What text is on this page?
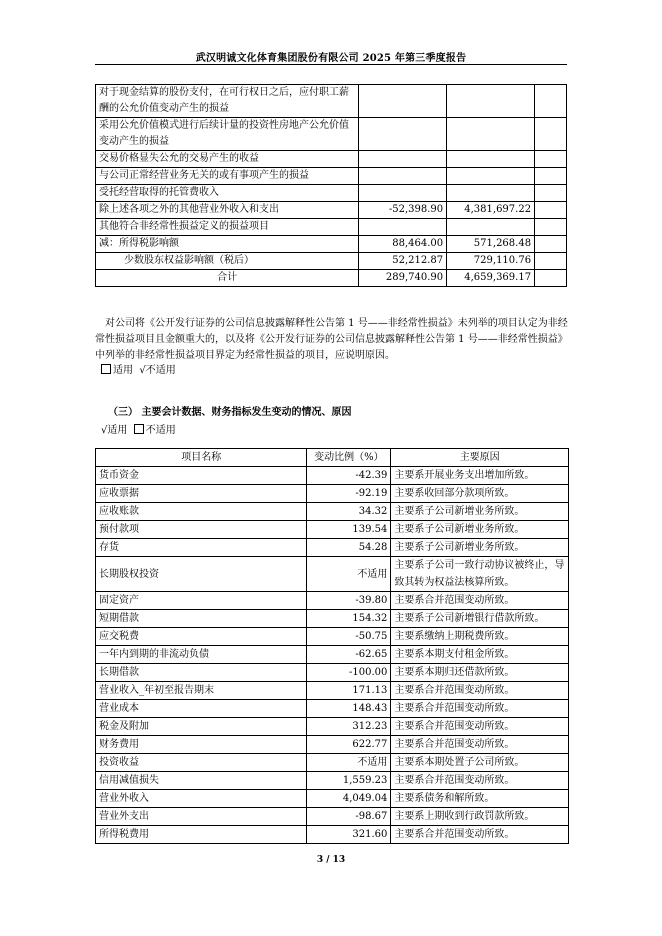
武汉明诚文化体育集团股份有限公司 2025 年第三季度报告
对于现金结算的股份支付，在可行权日之后，应付职工薪酬的公允价值变动产生的损益			
采用公允价值模式进行后续计量的投资性房地产公允价值变动产生的损益			
交易价格显失公允的交易产生的收益			
与公司正常经营业务无关的或有事项产生的损益			
受托经营取得的托管费收入			
除上述各项之外的其他营业外收入和支出	-52,398.90	4,381,697.22	
其他符合非经常性损益定义的损益项目			
减：所得税影响额	88,464.00	571,268.48	
少数股东权益影响额（税后）	52,212.87	729,110.76	
合计	289,740.90	4,659,369.17	
对公司将《公开发行证券的公司信息披露解释性公告第 1 号——非经常性损益》未列举的项目认定为非经常性损益项目且金额重大的，以及将《公开发行证券的公司信息披露解释性公告第 1 号——非经常性损益》中列举的非经常性损益项目界定为经常性损益的项目，应说明原因。
适用 √不适用
（三） 主要会计数据、财务指标发生变动的情况、原因
√适用 不适用
项目名称	变动比例（%）	主要原因
货币资金	-42.39	主要系开展业务支出增加所致。
应收票据	-92.19	主要系收回部分款项所致。
应收账款	34.32	主要系子公司新增业务所致。
预付款项	139.54	主要系子公司新增业务所致。
存货	54.28	主要系子公司新增业务所致。
长期股权投资	不适用	主要系子公司一致行动协议被终止，导致其转为权益法核算所致。
固定资产	-39.80	主要系合并范围变动所致。
短期借款	154.32	主要系子公司新增银行借款所致。
应交税费	-50.75	主要系缴纳上期税费所致。
一年内到期的非流动负债	-62.65	主要系本期支付租金所致。
长期借款	-100.00	主要系本期归还借款所致。
营业收入_年初至报告期末	171.13	主要系合并范围变动所致。
营业成本	148.43	主要系合并范围变动所致。
税金及附加	312.23	主要系合并范围变动所致。
财务费用	622.77	主要系合并范围变动所致。
投资收益	不适用	主要系本期处置子公司所致。
信用减值损失	1,559.23	主要系合并范围变动所致。
营业外收入	4,049.04	主要系债务和解所致。
营业外支出	-98.67	主要系上期收到行政罚款所致。
所得税费用	321.60	主要系合并范围变动所致。
3 / 13
